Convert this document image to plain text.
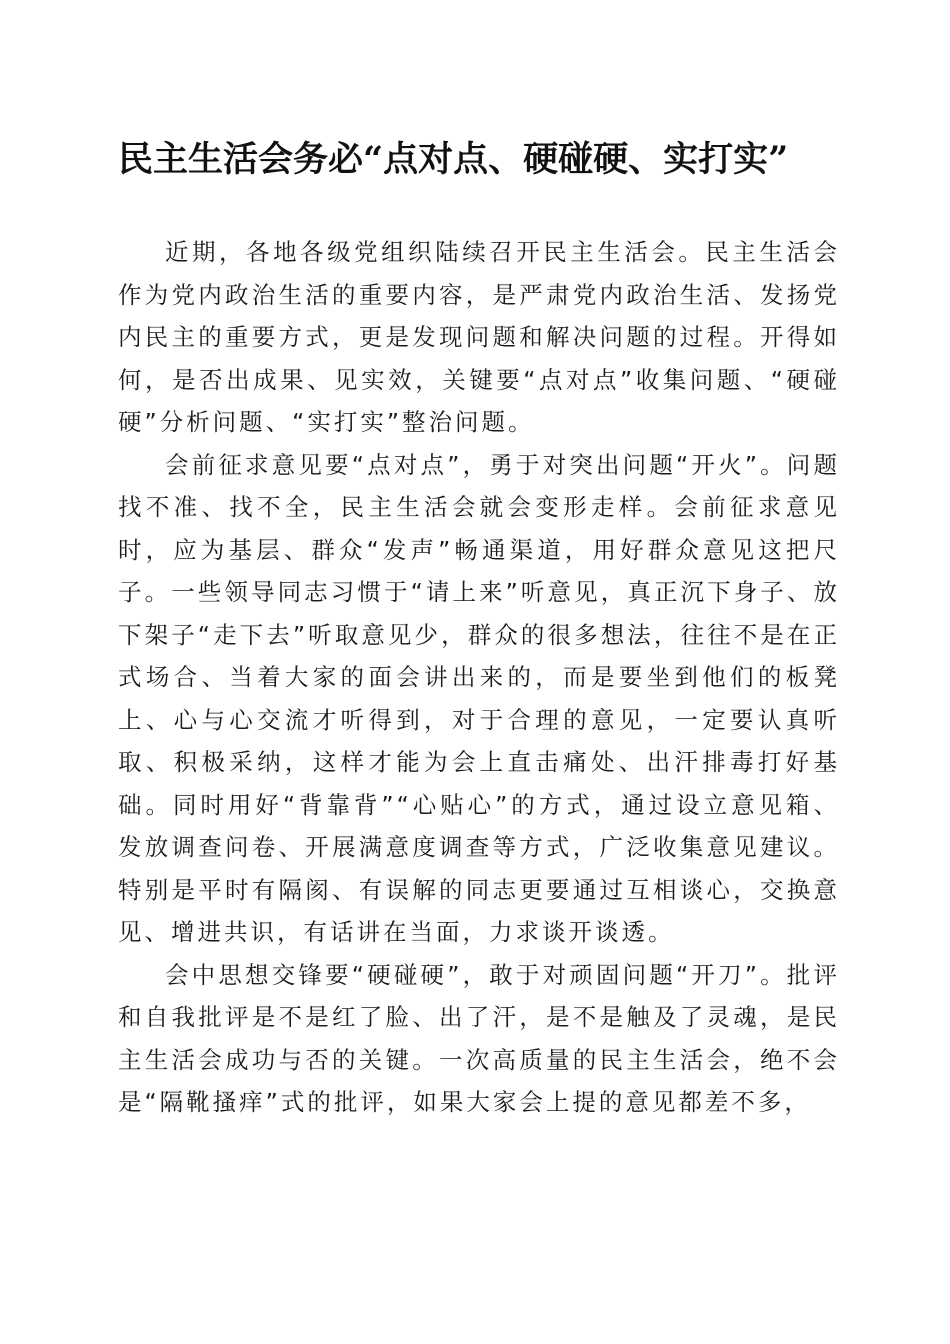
民主生活会务必“点对点、硬碰硬、实打实”

近期，各地各级党组织陆续召开民主生活会。民主生活会作为党内政治生活的重要内容，是严肃党内政治生活、发扬党内民主的重要方式，更是发现问题和解决问题的过程。开得如何，是否出成果、见实效，关键要“点对点”收集问题、“硬碰硬”分析问题、“实打实”整治问题。

会前征求意见要“点对点”，勇于对突出问题“开火”。问题找不准、找不全，民主生活会就会变形走样。会前征求意见时，应为基层、群众“发声”畅通渠道，用好群众意见这把尺子。一些领导同志习惯于“请上来”听意见，真正沉下身子、放下架子“走下去”听取意见少，群众的很多想法，往往不是在正式场合、当着大家的面会讲出来的，而是要坐到他们的板凳上、心与心交流才听得到，对于合理的意见，一定要认真听取、积极采纳，这样才能为会上直击痛处、出汗排毒打好基础。同时用好“背靠背”“心贴心”的方式，通过设立意见箱、发放调查问卷、开展满意度调查等方式，广泛收集意见建议。特别是平时有隔阂、有误解的同志更要通过互相谈心，交换意见、增进共识，有话讲在当面，力求谈开谈透。

会中思想交锋要“硬碰硬”，敢于对顽固问题“开刀”。批评和自我批评是不是红了脸、出了汗，是不是触及了灵魂，是民主生活会成功与否的关键。一次高质量的民主生活会，绝不会是“隔靴搔痒”式的批评，如果大家会上提的意见都差不多，
